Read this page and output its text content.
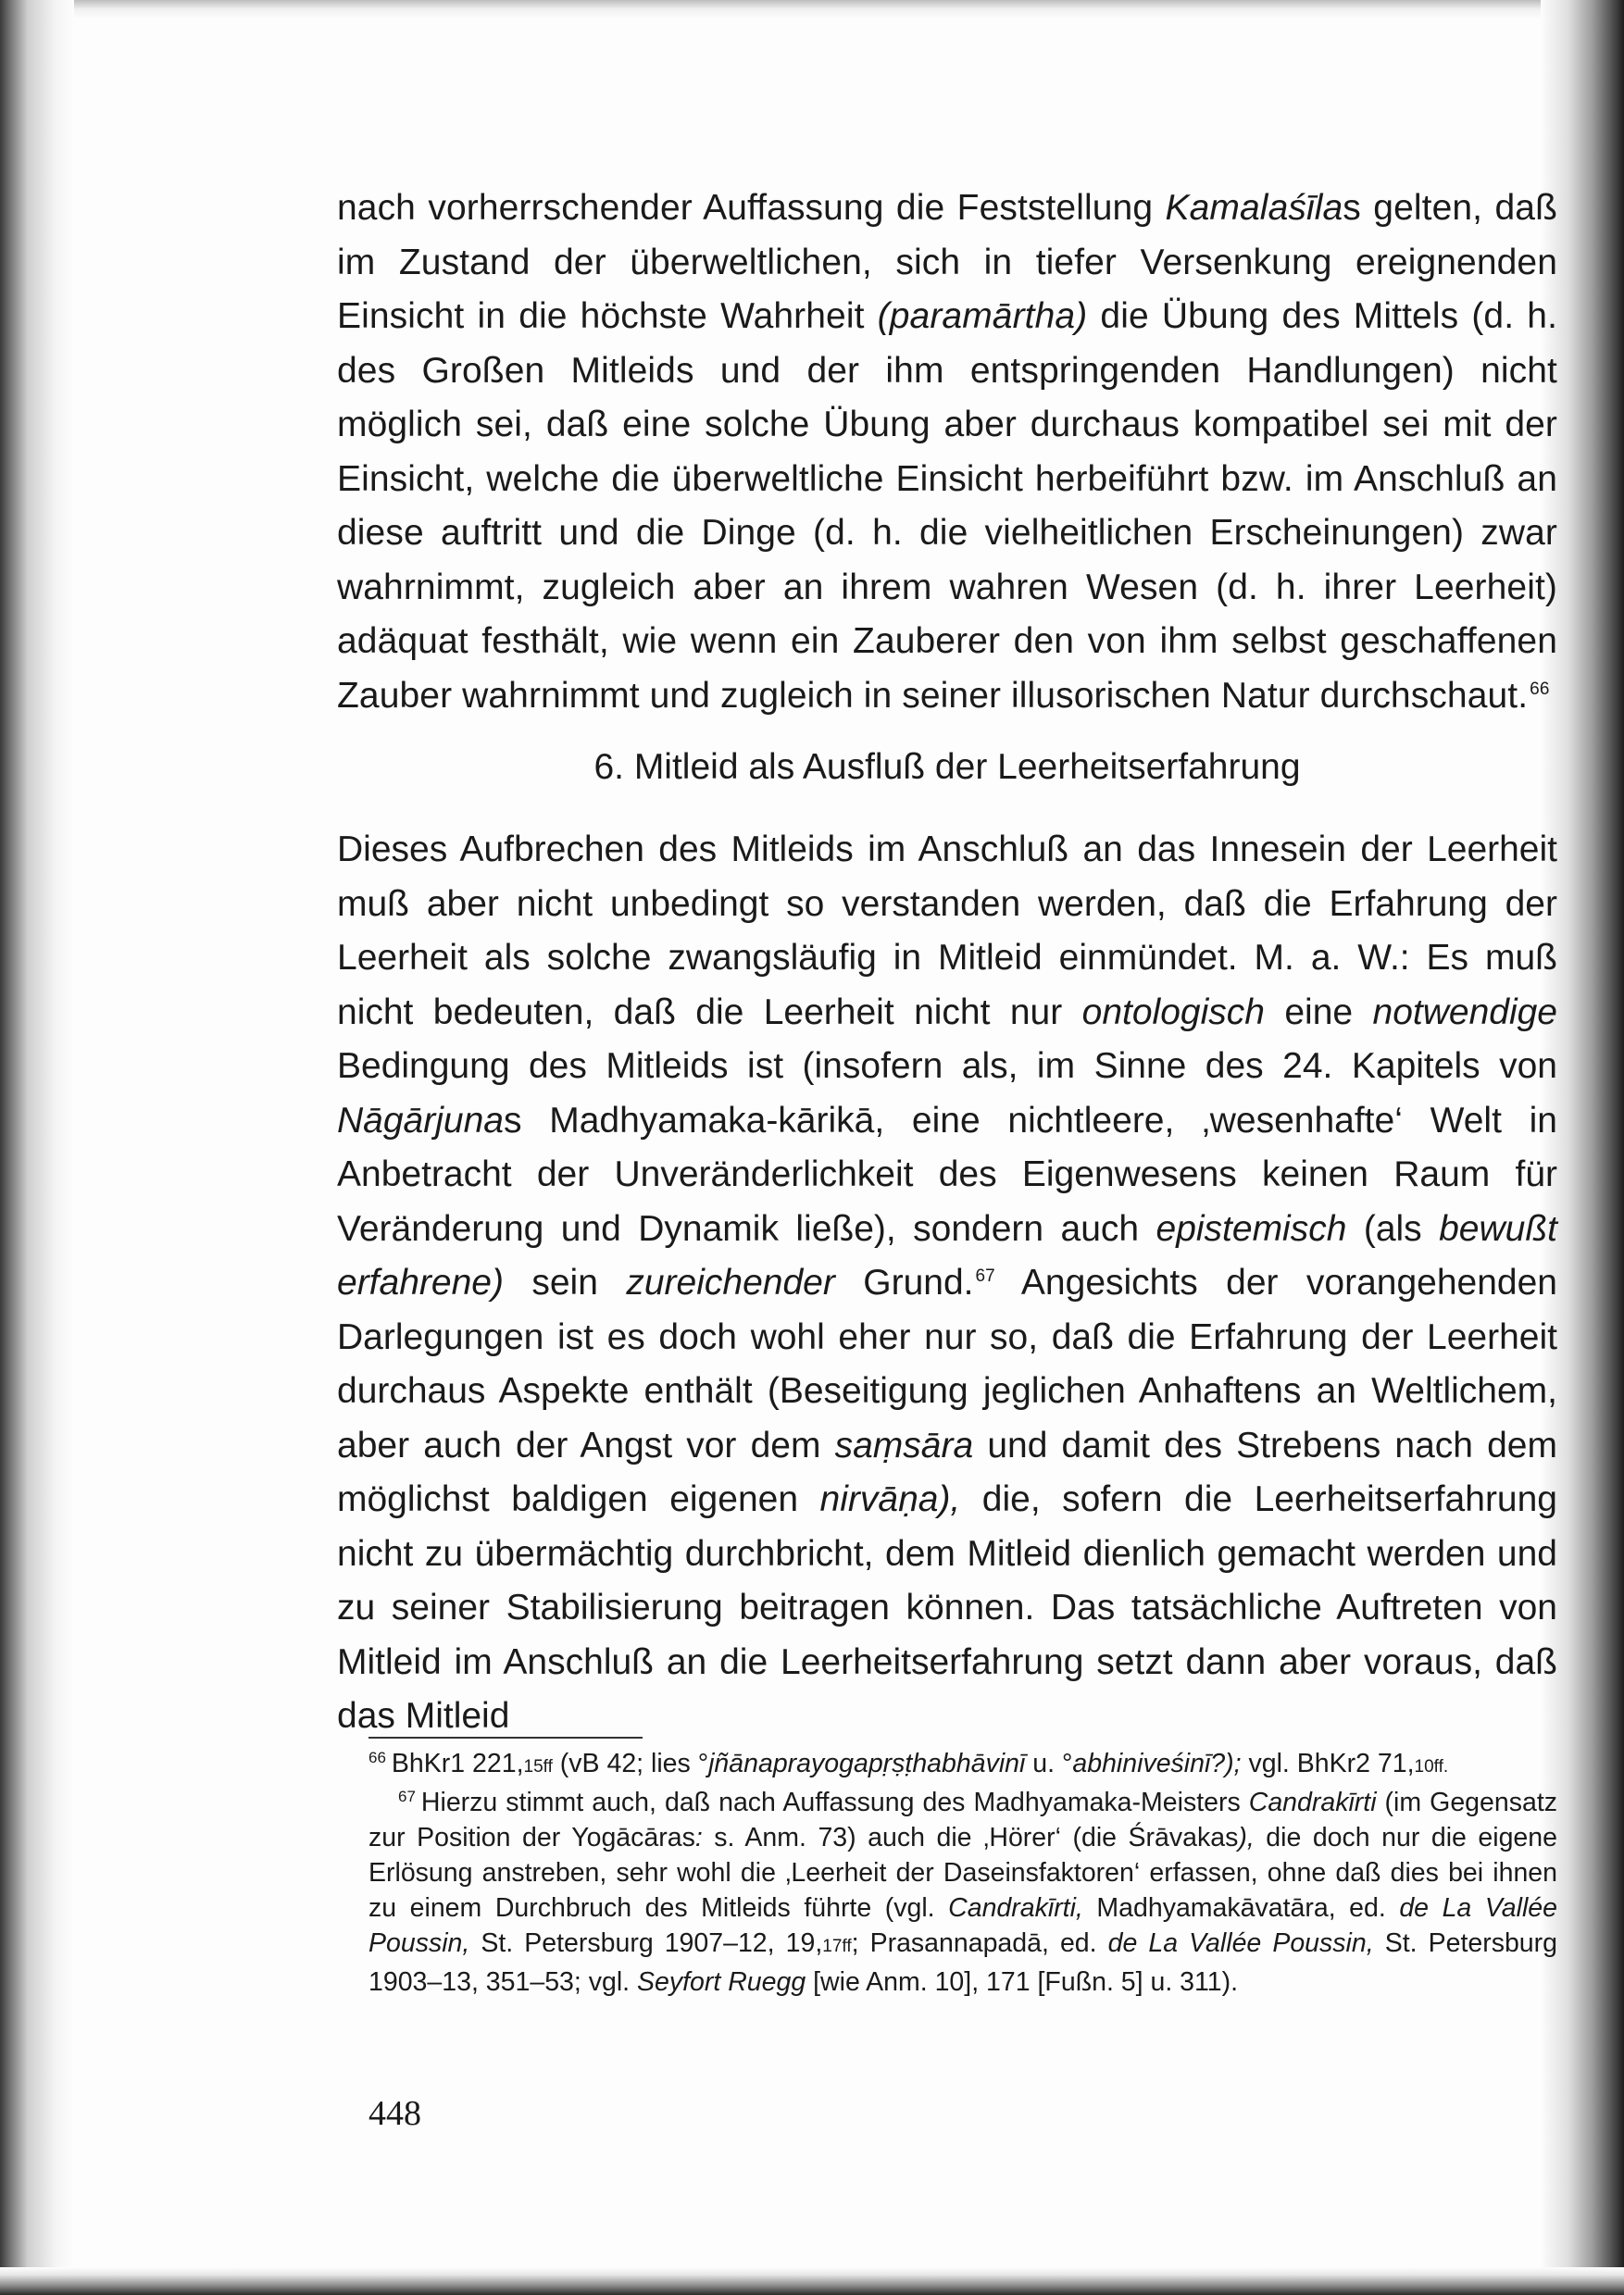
nach vorherrschender Auffassung die Feststellung Kamalaśīlas gelten, daß im Zustand der überweltlichen, sich in tiefer Versenkung ereignenden Einsicht in die höchste Wahrheit (paramārtha) die Übung des Mittels (d. h. des Großen Mitleids und der ihm entspringenden Handlungen) nicht möglich sei, daß eine solche Übung aber durchaus kompatibel sei mit der Einsicht, welche die überweltliche Einsicht herbeiführt bzw. im Anschluß an diese auftritt und die Dinge (d. h. die vielheitlichen Erscheinungen) zwar wahrnimmt, zugleich aber an ihrem wahren Wesen (d. h. ihrer Leerheit) adäquat festhält, wie wenn ein Zauberer den von ihm selbst geschaffenen Zauber wahrnimmt und zugleich in seiner illusorischen Natur durchschaut. $^{66}$

6. Mitleid als Ausfluß der Leerheitserfahrung

Dieses Aufbrechen des Mitleids im Anschluß an das Innesein der Leerheit muß aber nicht unbedingt so verstanden werden, daß die Erfahrung der Leerheit als solche zwangsläufig in Mitleid einmündet. M. a. W.: Es muß nicht bedeuten, daß die Leerheit nicht nur ontologisch eine notwendige Bedingung des Mitleids ist (insofern als, im Sinne des 24. Kapitels von Nāgārjunas Madhyamaka-kārikā, eine nichtleere, ‚wesenhafte‘ Welt in Anbetracht der Unveränderlichkeit des Eigenwesens keinen Raum für Veränderung und Dynamik ließe), sondern auch epistemisch (als bewußt erfahrene) sein zureichender Grund. $^{67}$ Angesichts der vorangehenden Darlegungen ist es doch wohl eher nur so, daß die Erfahrung der Leerheit durchaus Aspekte enthält (Beseitigung jeglichen Anhaftens an Weltlichem, aber auch der Angst vor dem saṃsāra und damit des Strebens nach dem möglichst baldigen eigenen nirvāṇa), die, sofern die Leerheitserfahrung nicht zu übermächtig durchbricht, dem Mitleid dienlich gemacht werden und zu seiner Stabilisierung beitragen können. Das tatsächliche Auftreten von Mitleid im Anschluß an die Leerheitserfahrung setzt dann aber voraus, daß das Mitleid

$^{66}$ BhKr1 221,15ff (vB 42; lies °jñānaprayogapṛṣṭhabhāvinī u. °abhiniveśinī?); vgl. BhKr2 71,10ff.

$^{67}$ Hierzu stimmt auch, daß nach Auffassung des Madhyamaka-Meisters Candrakīrti (im Gegensatz zur Position der Yogācāras: s. Anm. 73) auch die ‚Hörer‘ (die Śrāvakas), die doch nur die eigene Erlösung anstreben, sehr wohl die ‚Leerheit der Daseinsfaktoren‘ erfassen, ohne daß dies bei ihnen zu einem Durchbruch des Mitleids führte (vgl. Candrakīrti, Madhyamakāvatāra, ed. de La Vallée Poussin, St. Petersburg 1907–12, 19,17ff; Prasannapadā, ed. de La Vallée Poussin, St. Petersburg 1903–13, 351–53; vgl. Seyfort Ruegg [wie Anm. 10], 171 [Fußn. 5] u. 311).

448
